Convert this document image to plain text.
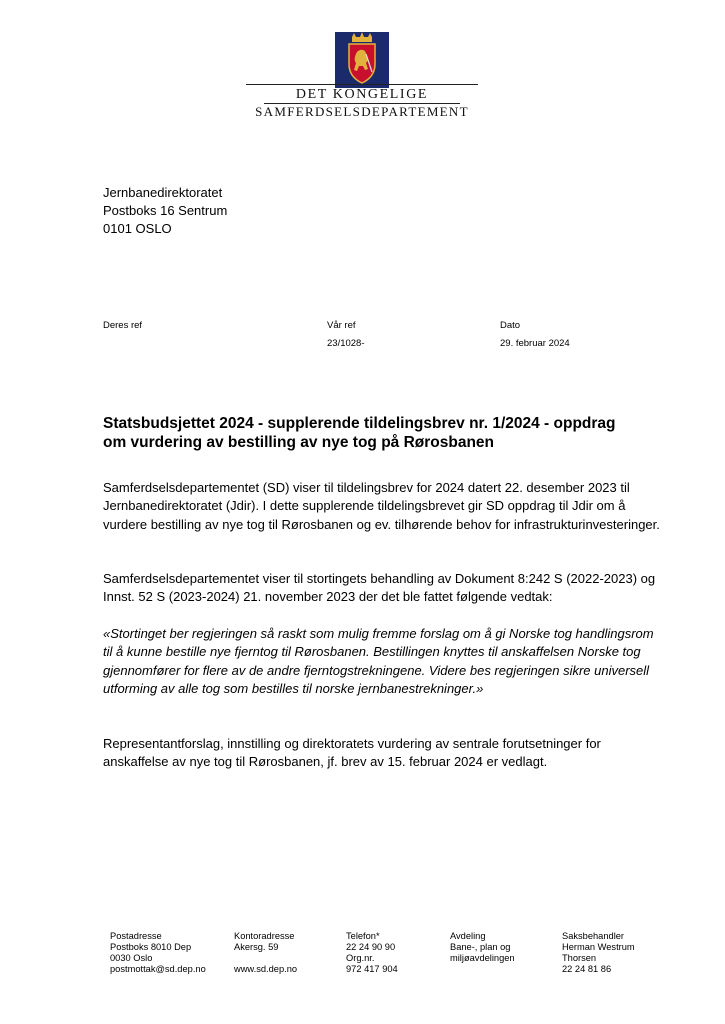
DET KONGELIGE
SAMFERDSELSDEPARTEMENT
Jernbanedirektoratet
Postboks 16 Sentrum
0101 OSLO
Deres ref	Vår ref
23/1028-
Dato
29. februar 2024
Statsbudsjettet 2024 - supplerende tildelingsbrev nr. 1/2024 - oppdrag om vurdering av bestilling av nye tog på Rørosbanen

Samferdselsdepartementet (SD) viser til tildelingsbrev for 2024 datert 22. desember 2023 til Jernbanedirektoratet (Jdir). I dette supplerende tildelingsbrevet gir SD oppdrag til Jdir om å vurdere bestilling av nye tog til Rørosbanen og ev. tilhørende behov for infrastrukturinvesteringer.

Samferdselsdepartementet viser til stortingets behandling av Dokument 8:242 S (2022-2023) og Innst. 52 S (2023-2024) 21. november 2023 der det ble fattet følgende vedtak:

«Stortinget ber regjeringen så raskt som mulig fremme forslag om å gi Norske tog handlingsrom til å kunne bestille nye fjerntog til Rørosbanen. Bestillingen knyttes til anskaffelsen Norske tog gjennomfører for flere av de andre fjerntogstrekningene. Videre bes regjeringen sikre universell utforming av alle tog som bestilles til norske jernbanestrekninger.»

Representantforslag, innstilling og direktoratets vurdering av sentrale forutsetninger for anskaffelse av nye tog til Rørosbanen, jf. brev av 15. februar 2024 er vedlagt.

Postadresse
Postboks 8010 Dep
0030 Oslo
postmottak@sd.dep.no
Kontoradresse
Akersg. 59

www.sd.dep.no
Telefon*
22 24 90 90
Org.nr.
972 417 904
Avdeling
Bane-, plan og
miljøavdelingen
Saksbehandler
Herman Westrum
Thorsen
22 24 81 86
